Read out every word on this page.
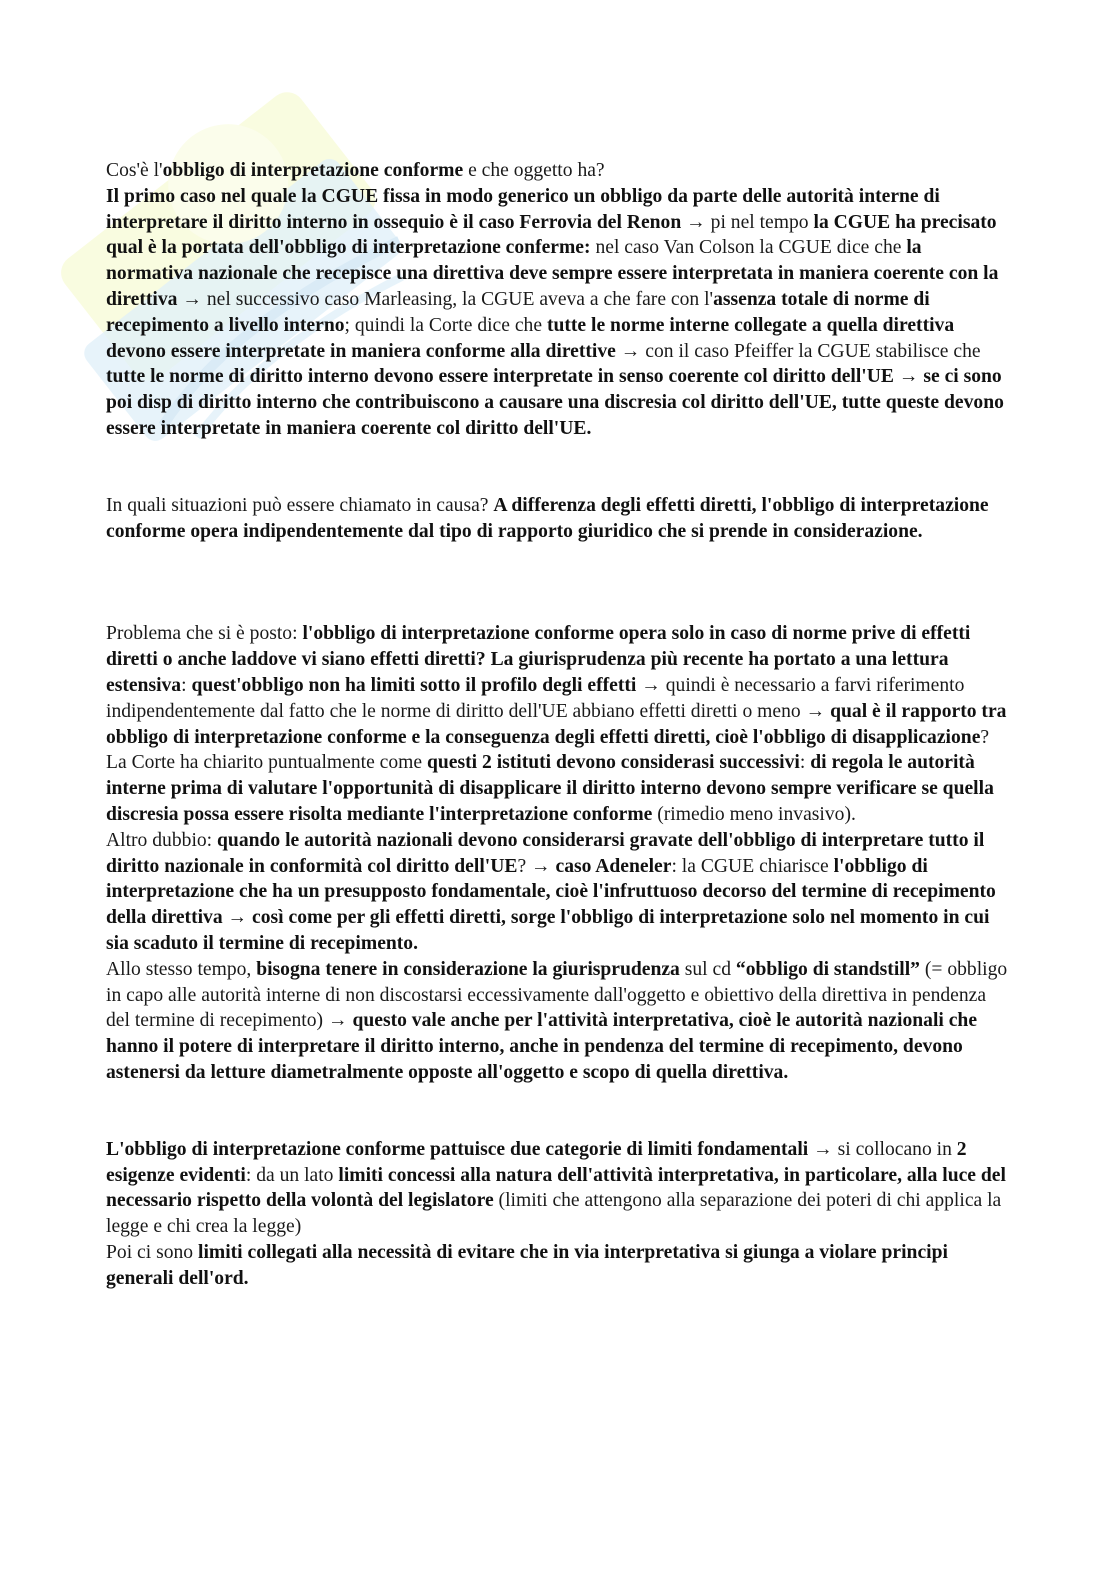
Cos'è l'obbligo di interpretazione conforme e che oggetto ha?
Il primo caso nel quale la CGUE fissa in modo generico un obbligo da parte delle autorità interne di interpretare il diritto interno in ossequio è il caso Ferrovia del Renon → pi nel tempo la CGUE ha precisato qual è la portata dell'obbligo di interpretazione conferme: nel caso Van Colson la CGUE dice che la normativa nazionale che recepisce una direttiva deve sempre essere interpretata in maniera coerente con la direttiva → nel successivo caso Marleasing, la CGUE aveva a che fare con l'assenza totale di norme di recepimento a livello interno; quindi la Corte dice che tutte le norme interne collegate a quella direttiva devono essere interpretate in maniera conforme alla direttive → con il caso Pfeiffer la CGUE stabilisce che tutte le norme di diritto interno devono essere interpretate in senso coerente col diritto dell'UE → se ci sono poi disp di diritto interno che contribuiscono a causare una discresia col diritto dell'UE, tutte queste devono essere interpretate in maniera coerente col diritto dell'UE.

In quali situazioni può essere chiamato in causa? A differenza degli effetti diretti, l'obbligo di interpretazione conforme opera indipendentemente dal tipo di rapporto giuridico che si prende in considerazione.

Problema che si è posto: l'obbligo di interpretazione conforme opera solo in caso di norme prive di effetti diretti o anche laddove vi siano effetti diretti? La giurisprudenza più recente ha portato a una lettura estensiva: quest'obbligo non ha limiti sotto il profilo degli effetti → quindi è necessario a farvi riferimento indipendentemente dal fatto che le norme di diritto dell'UE abbiano effetti diretti o meno → qual è il rapporto tra obbligo di interpretazione conforme e la conseguenza degli effetti diretti, cioè l'obbligo di disapplicazione? La Corte ha chiarito puntualmente come questi 2 istituti devono considerasi successivi: di regola le autorità interne prima di valutare l'opportunità di disapplicare il diritto interno devono sempre verificare se quella discresia possa essere risolta mediante l'interpretazione conforme (rimedio meno invasivo).
Altro dubbio: quando le autorità nazionali devono considerarsi gravate dell'obbligo di interpretare tutto il diritto nazionale in conformità col diritto dell'UE? → caso Adeneler: la CGUE chiarisce l'obbligo di interpretazione che ha un presupposto fondamentale, cioè l'infruttuoso decorso del termine di recepimento della direttiva → così come per gli effetti diretti, sorge l'obbligo di interpretazione solo nel momento in cui sia scaduto il termine di recepimento.
Allo stesso tempo, bisogna tenere in considerazione la giurisprudenza sul cd “obbligo di standstill” (= obbligo in capo alle autorità interne di non discostarsi eccessivamente dall'oggetto e obiettivo della direttiva in pendenza del termine di recepimento) → questo vale anche per l'attività interpretativa, cioè le autorità nazionali che hanno il potere di interpretare il diritto interno, anche in pendenza del termine di recepimento, devono astenersi da letture diametralmente opposte all'oggetto e scopo di quella direttiva.

L'obbligo di interpretazione conforme pattuisce due categorie di limiti fondamentali → si collocano in 2 esigenze evidenti: da un lato limiti concessi alla natura dell'attività interpretativa, in particolare, alla luce del necessario rispetto della volontà del legislatore (limiti che attengono alla separazione dei poteri di chi applica la legge e chi crea la legge)
Poi ci sono limiti collegati alla necessità di evitare che in via interpretativa si giunga a violare principi generali dell'ord.
